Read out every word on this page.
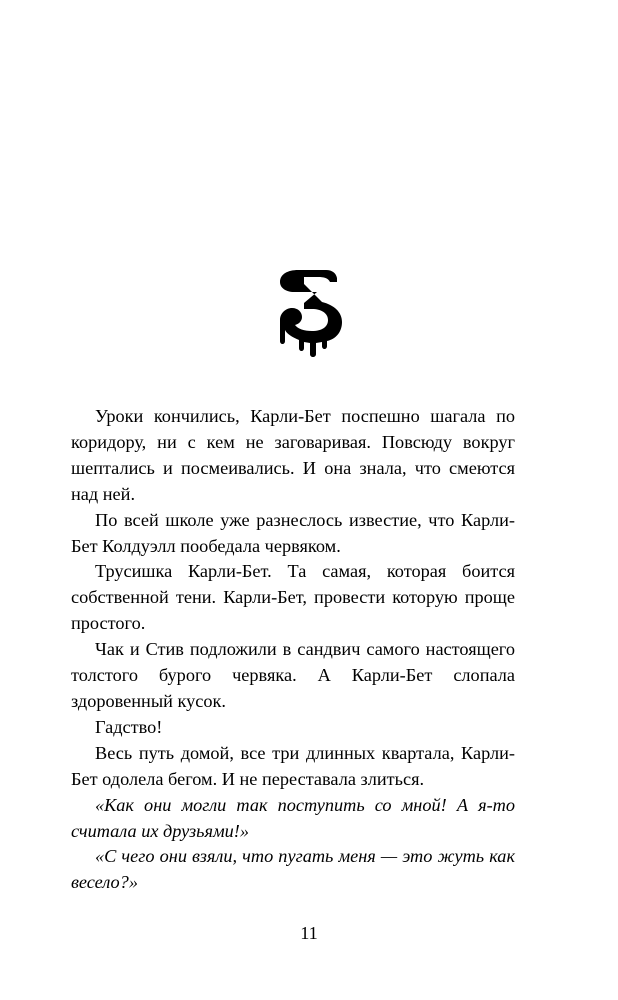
Уроки кончились, Карли-Бет поспешно шагала по коридору, ни с кем не заговаривая. Повсюду вокруг шептались и посмеивались. И она знала, что смеются над ней.

По всей школе уже разнеслось известие, что Карли-Бет Колдуэлл пообедала червяком.

Трусишка Карли-Бет. Та самая, которая боится собственной тени. Карли-Бет, провести которую проще простого.

Чак и Стив подложили в сандвич самого настоящего толстого бурого червяка. А Карли-Бет слопала здоровенный кусок.

Гадство!

Весь путь домой, все три длинных квартала, Карли-Бет одолела бегом. И не переставала злиться.

«Как они могли так поступить со мной! А я-то считала их друзьями!»

«С чего они взяли, что пугать меня — это жуть как весело?»

11
